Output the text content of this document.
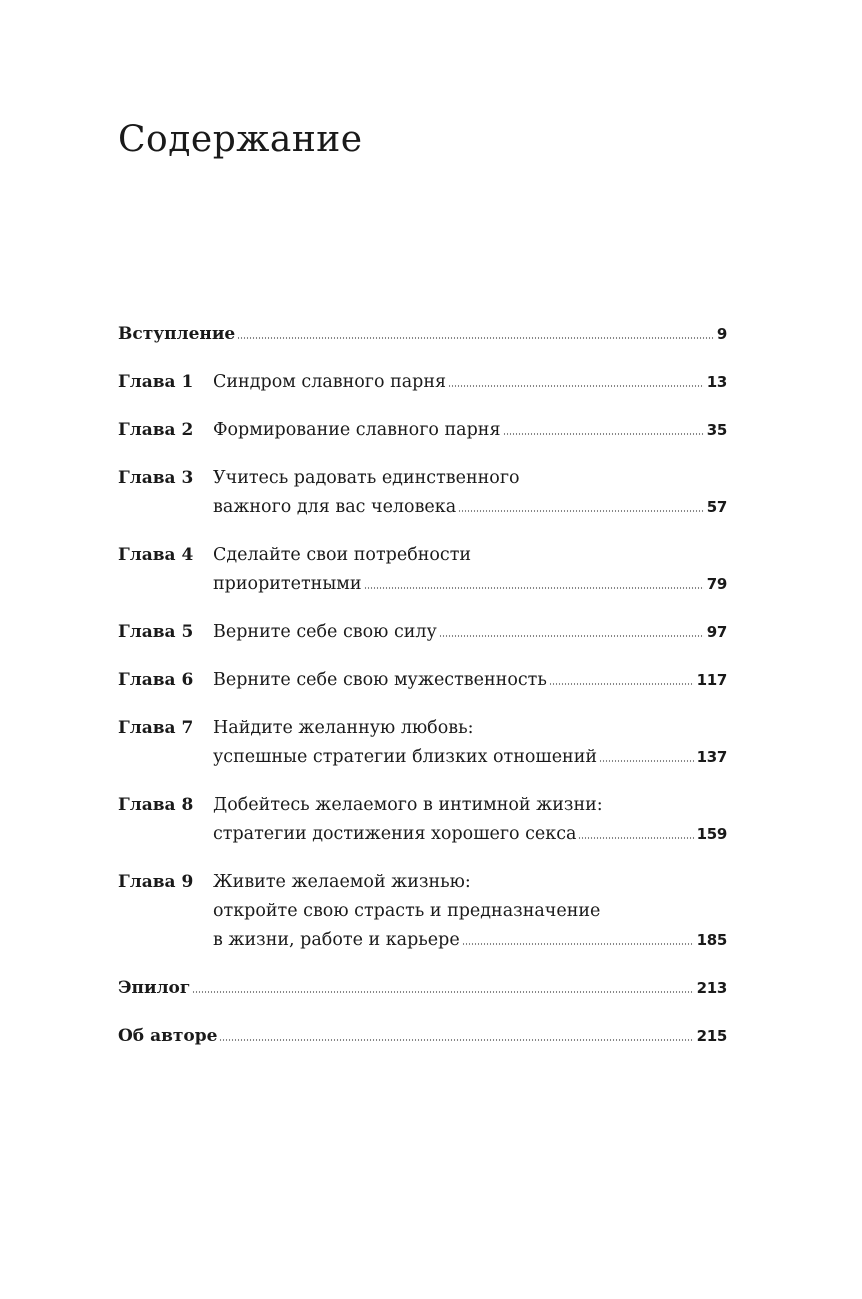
Содержание
Вступление	9
Глава 1	Синдром славного парня	13
Глава 2	Формирование славного парня	35
Глава 3	Учитесь радовать единственного
важного для вас человека	57
Глава 4	Сделайте свои потребности
приоритетными	79
Глава 5	Верните себе свою силу	97
Глава 6	Верните себе свою мужественность	117
Глава 7	Найдите желанную любовь:
успешные стратегии близких отношений	137
Глава 8	Добейтесь желаемого в интимной жизни:
стратегии достижения хорошего секса	159
Глава 9	Живите желаемой жизнью:
откройте свою страсть и предназначение
в жизни, работе и карьере	185
Эпилог	213
Об авторе	215
